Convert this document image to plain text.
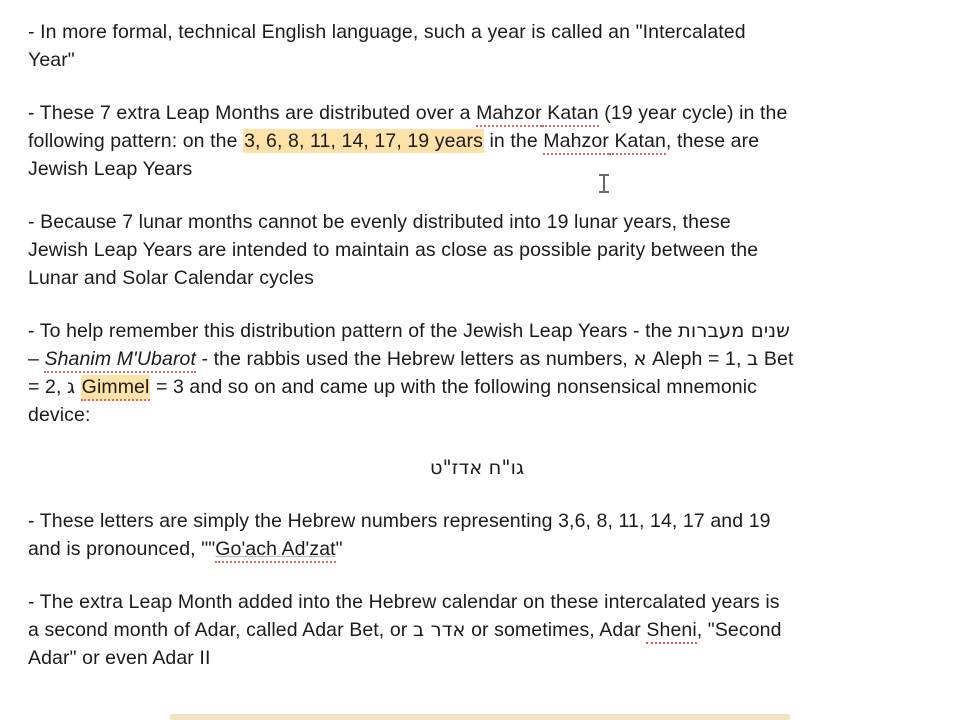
- In more formal, technical English language, such a year is called an "Intercalated
Year"

- These 7 extra Leap Months are distributed over a Mahzor Katan (19 year cycle) in the
following pattern: on the 3, 6, 8, 11, 14, 17, 19 years in the Mahzor Katan, these are
Jewish Leap Years

- Because 7 lunar months cannot be evenly distributed into 19 lunar years, these
Jewish Leap Years are intended to maintain as close as possible parity between the
Lunar and Solar Calendar cycles

- To help remember this distribution pattern of the Jewish Leap Years - the שנים מעברות
– Shanim M'Ubarot - the rabbis used the Hebrew letters as numbers, א Aleph = 1, ב Bet
= 2, ג Gimmel = 3 and so on and came up with the following nonsensical mnemonic
device:

גו"ח אדז"ט

- These letters are simply the Hebrew numbers representing 3,6, 8, 11, 14, 17 and 19
and is pronounced, ""Go'ach Ad'zat"

- The extra Leap Month added into the Hebrew calendar on these intercalated years is
a second month of Adar, called Adar Bet, or אדר ב or sometimes, Adar Sheni, "Second
Adar" or even Adar II
